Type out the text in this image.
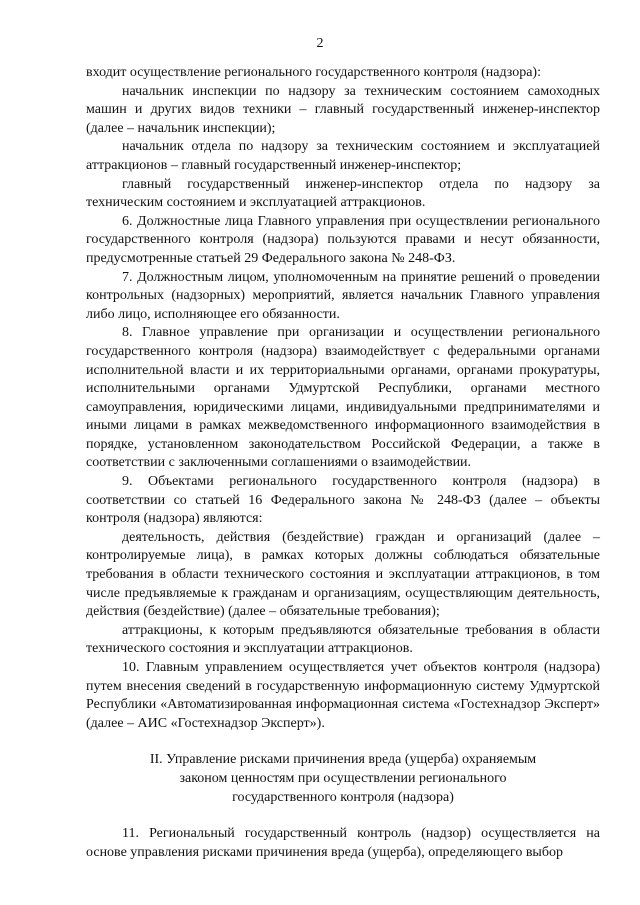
2

входит осуществление регионального государственного контроля (надзора):

начальник инспекции по надзору за техническим состоянием самоходных машин и других видов техники – главный государственный инженер-инспектор (далее – начальник инспекции);

начальник отдела по надзору за техническим состоянием и эксплуатацией аттракционов – главный государственный инженер-инспектор;

главный государственный инженер-инспектор отдела по надзору за техническим состоянием и эксплуатацией аттракционов.

6. Должностные лица Главного управления при осуществлении регионального государственного контроля (надзора) пользуются правами и несут обязанности, предусмотренные статьей 29 Федерального закона № 248-ФЗ.

7. Должностным лицом, уполномоченным на принятие решений о проведении контрольных (надзорных) мероприятий, является начальник Главного управления либо лицо, исполняющее его обязанности.

8. Главное управление при организации и осуществлении регионального государственного контроля (надзора) взаимодействует с федеральными органами исполнительной власти и их территориальными органами, органами прокуратуры, исполнительными органами Удмуртской Республики, органами местного самоуправления, юридическими лицами, индивидуальными предпринимателями и иными лицами в рамках межведомственного информационного взаимодействия в порядке, установленном законодательством Российской Федерации, а также в соответствии с заключенными соглашениями о взаимодействии.

9. Объектами регионального государственного контроля (надзора) в соответствии со статьей 16 Федерального закона № 248-ФЗ (далее – объекты контроля (надзора) являются:

деятельность, действия (бездействие) граждан и организаций (далее – контролируемые лица), в рамках которых должны соблюдаться обязательные требования в области технического состояния и эксплуатации аттракционов, в том числе предъявляемые к гражданам и организациям, осуществляющим деятельность, действия (бездействие) (далее – обязательные требования);

аттракционы, к которым предъявляются обязательные требования в области технического состояния и эксплуатации аттракционов.

10. Главным управлением осуществляется учет объектов контроля (надзора) путем внесения сведений в государственную информационную систему Удмуртской Республики «Автоматизированная информационная система «Гостехнадзор Эксперт» (далее – АИС «Гостехнадзор Эксперт»).

II. Управление рисками причинения вреда (ущерба) охраняемым
законом ценностям при осуществлении регионального
государственного контроля (надзора)

11. Региональный государственный контроль (надзор) осуществляется на основе управления рисками причинения вреда (ущерба), определяющего выбор
